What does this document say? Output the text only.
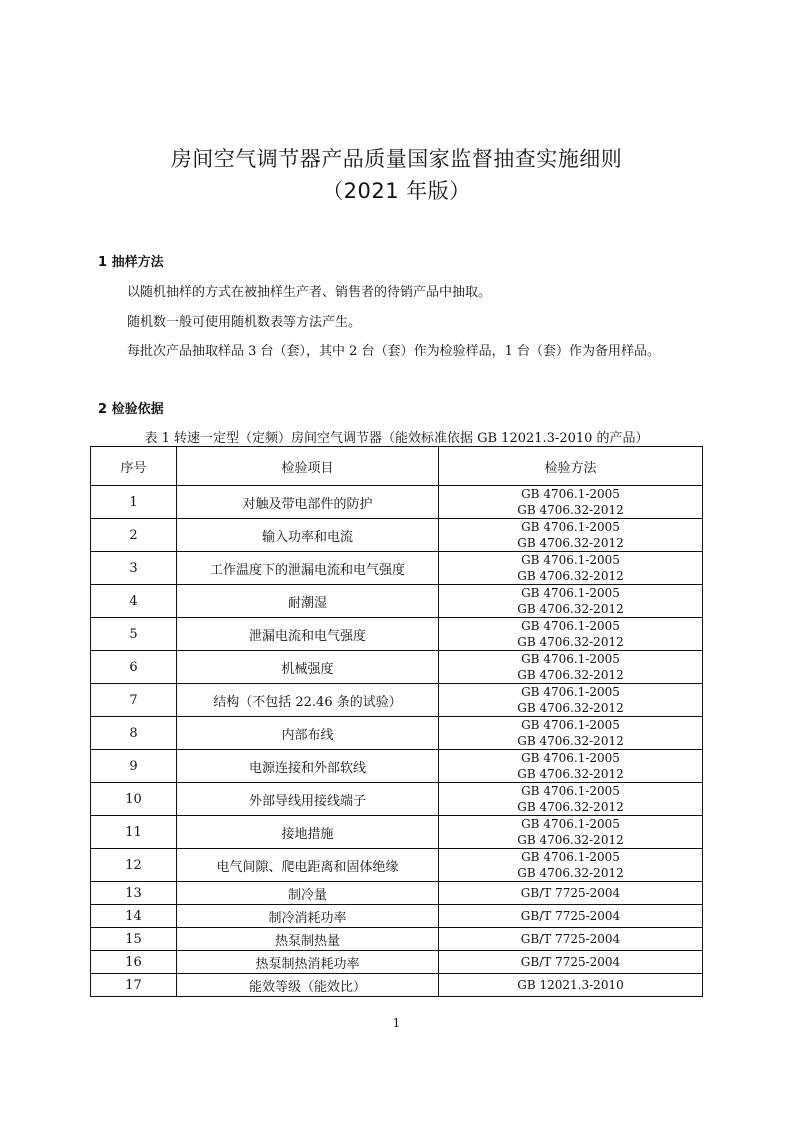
房间空气调节器产品质量国家监督抽查实施细则
（2021 年版）
1 抽样方法
以随机抽样的方式在被抽样生产者、销售者的待销产品中抽取。
随机数一般可使用随机数表等方法产生。
每批次产品抽取样品 3 台（套），其中 2 台（套）作为检验样品，1 台（套）作为备用样品。
2 检验依据
表 1 转速一定型（定频）房间空气调节器（能效标准依据 GB 12021.3-2010 的产品）
序号	检验项目	检验方法
1	对触及带电部件的防护	GB 4706.1-2005
GB 4706.32-2012

2	输入功率和电流	GB 4706.1-2005
GB 4706.32-2012

3	工作温度下的泄漏电流和电气强度	GB 4706.1-2005
GB 4706.32-2012

4	耐潮湿	GB 4706.1-2005
GB 4706.32-2012

5	泄漏电流和电气强度	GB 4706.1-2005
GB 4706.32-2012

6	机械强度	GB 4706.1-2005
GB 4706.32-2012

7	结构（不包括 22.46 条的试验）	GB 4706.1-2005
GB 4706.32-2012

8	内部布线	GB 4706.1-2005
GB 4706.32-2012

9	电源连接和外部软线	GB 4706.1-2005
GB 4706.32-2012

10	外部导线用接线端子	GB 4706.1-2005
GB 4706.32-2012

11	接地措施	GB 4706.1-2005
GB 4706.32-2012

12	电气间隙、爬电距离和固体绝缘	GB 4706.1-2005
GB 4706.32-2012

13	制冷量	GB/T 7725-2004

14	制冷消耗功率	GB/T 7725-2004

15	热泵制热量	GB/T 7725-2004

16	热泵制热消耗功率	GB/T 7725-2004

17	能效等级（能效比）	GB 12021.3-2010
1
